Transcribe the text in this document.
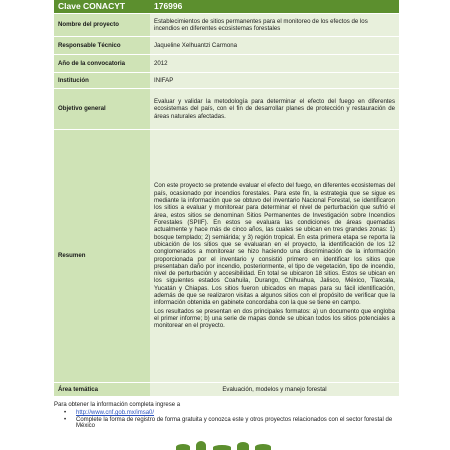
Clave CONACYT	176996
Nombre del proyecto	Establecimientos de sitios permanentes para el monitoreo de los efectos de los incendios en diferentes ecosistemas forestales
Responsable Técnico	Jaqueline Xelhuantzi Carmona
Año de la convocatoria	2012
Institución	INIFAP
Objetivo general	Evaluar y validar la metodología para determinar el efecto del fuego en diferentes ecosistemas del país, con el fin de desarrollar planes de protección y restauración de áreas naturales afectadas.
Resumen	Con este proyecto se pretende evaluar el efecto del fuego, en diferentes ecosistemas del país, ocasionado por incendios forestales. Para este fin, la estrategia que se sigue es mediante la información que se obtuvo del inventario Nacional Forestal, se identificaron los sitios a evaluar y monitorear para determinar el nivel de perturbación que sufrió el área, estos sitios se denominan Sitios Permanentes de Investigación sobre Incendios Forestales (SPIIF). En estos se evaluara las condiciones de áreas quemadas actualmente y hace más de cinco años, las cuales se ubican en tres grandes zonas: 1) bosque templado; 2) semiárida; y 3) región tropical. En esta primera etapa se reporta la ubicación de los sitios que se evaluaran en el proyecto, la identificación de los 12 conglomerados a monitorear se hizo haciendo una discriminación de la información proporcionada por el inventario y consistió primero en identificar los sitios que presentaban daño por incendio, posteriormente, el tipo de vegetación, tipo de incendio, nivel de perturbación y accesibilidad. En total se ubicaron 18 sitios. Estos se ubican en los siguientes estados Coahuila, Durango, Chihuahua, Jalisco, México, Tlaxcala, Yucatán y Chiapas. Los sitios fueron ubicados en mapas para su fácil identificación, además de que se realizaron visitas a algunos sitios con el propósito de verificar que la información obtenida en gabinete concordaba con la que se tiene en campo.

Los resultados se presentan en dos principales formatos: a) un documento que engloba el primer informe; b) una serie de mapas donde se ubican todos los sitios potenciales a monitorear en el proyecto.

Área temática	Evaluación, modelos y manejo forestal
Para obtener la información completa ingrese a
• http://www.cnf.gob.mx/imsa0/
• Complete la forma de registro de forma gratuita y conozca este y otros proyectos relacionados con el sector forestal de México
